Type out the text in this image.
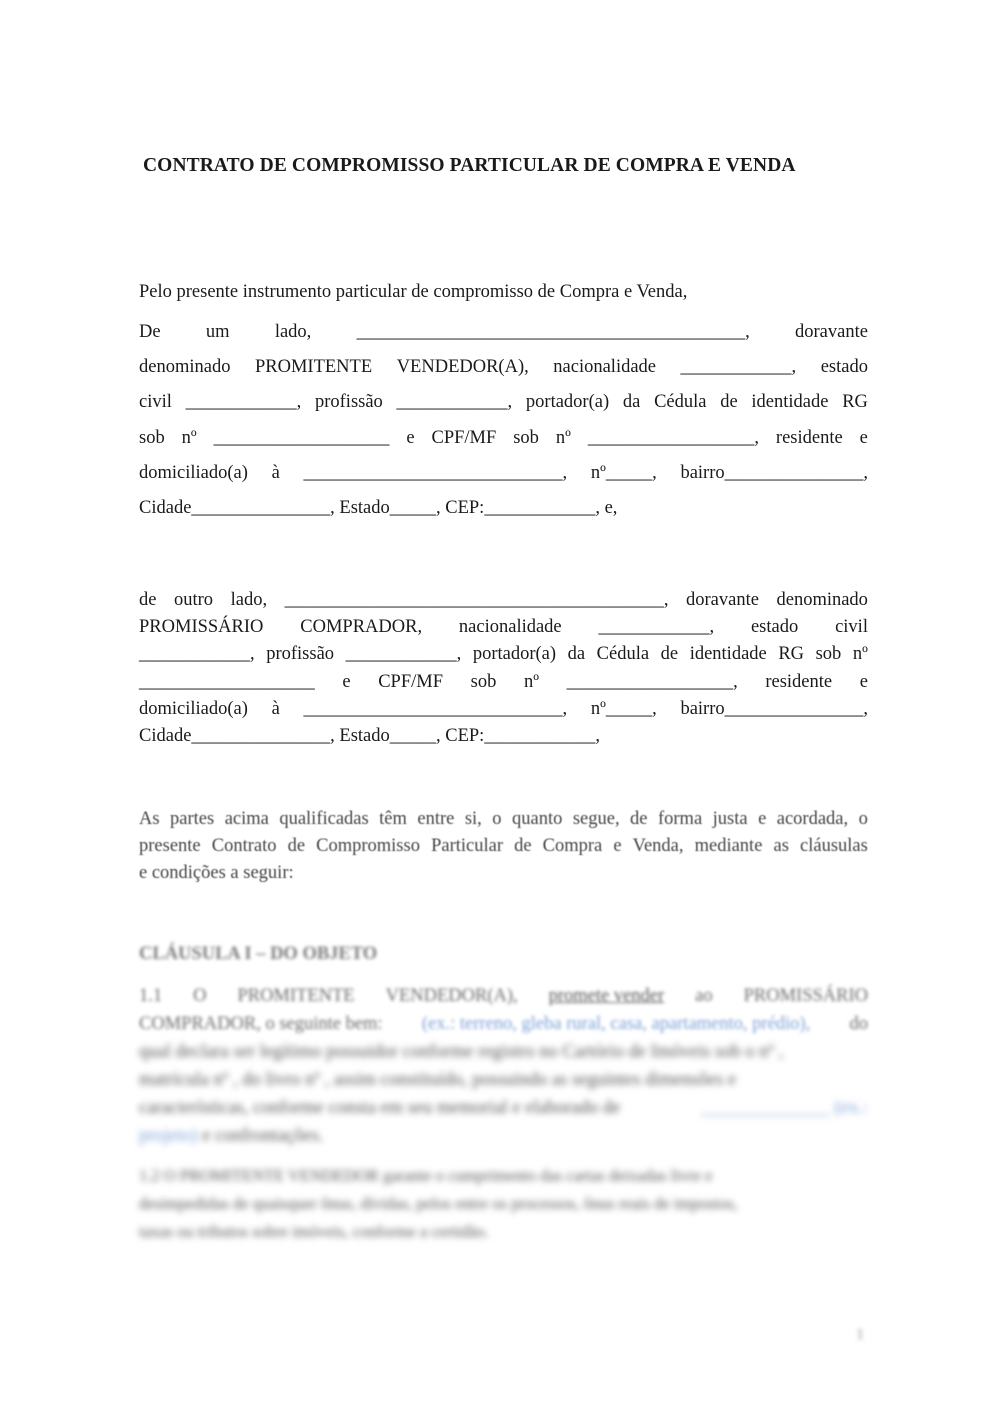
CONTRATO DE COMPROMISSO PARTICULAR DE COMPRA E VENDA
Pelo presente instrumento particular de compromisso de Compra e Venda,
De um lado, __________________________________________, doravante
denominado PROMITENTE VENDEDOR(A), nacionalidade ____________, estado
civil ____________, profissão ____________, portador(a) da Cédula de identidade RG
sob nº ___________________ e CPF/MF sob nº __________________, residente e
domiciliado(a) à ____________________________, nº_____, bairro_______________,
Cidade_______________, Estado_____, CEP:____________, e,
de outro lado, _________________________________________, doravante denominado
PROMISSÁRIO COMPRADOR, nacionalidade ____________, estado civil
____________, profissão ____________, portador(a) da Cédula de identidade RG sob nº
___________________ e CPF/MF sob nº __________________, residente e
domiciliado(a) à ____________________________, nº_____, bairro_______________,
Cidade_______________, Estado_____, CEP:____________,
As partes acima qualificadas têm entre si, o quanto segue, de forma justa e acordada, o
presente Contrato de Compromisso Particular de Compra e Venda, mediante as cláusulas
e condições a seguir:
CLÁUSULA I – DO OBJETO
1.1 O PROMITENTE VENDEDOR(A), promete vender ao PROMISSÁRIO
COMPRADOR, o seguinte bem: (ex.: terreno, gleba rural, casa, apartamento, prédio), do
qual declara ser legítimo possuidor conforme registro no Cartório de Imóveis sob o nº ,
matrícula nº , do livro nº , assim constituído, possuindo as seguintes dimensões e
características, conforme consta em seu memorial e elaborado de	______________ (ex.:
projeto) e confrontações.
1.2 O PROMITENTE VENDEDOR garante o cumprimento das cartas deixadas livre e
desimpedidas de quaisquer ônus, dívidas, pelos entre os processos, ônus reais de impostos,
taxas ou tributos sobre imóveis, conforme a certidão.
1
